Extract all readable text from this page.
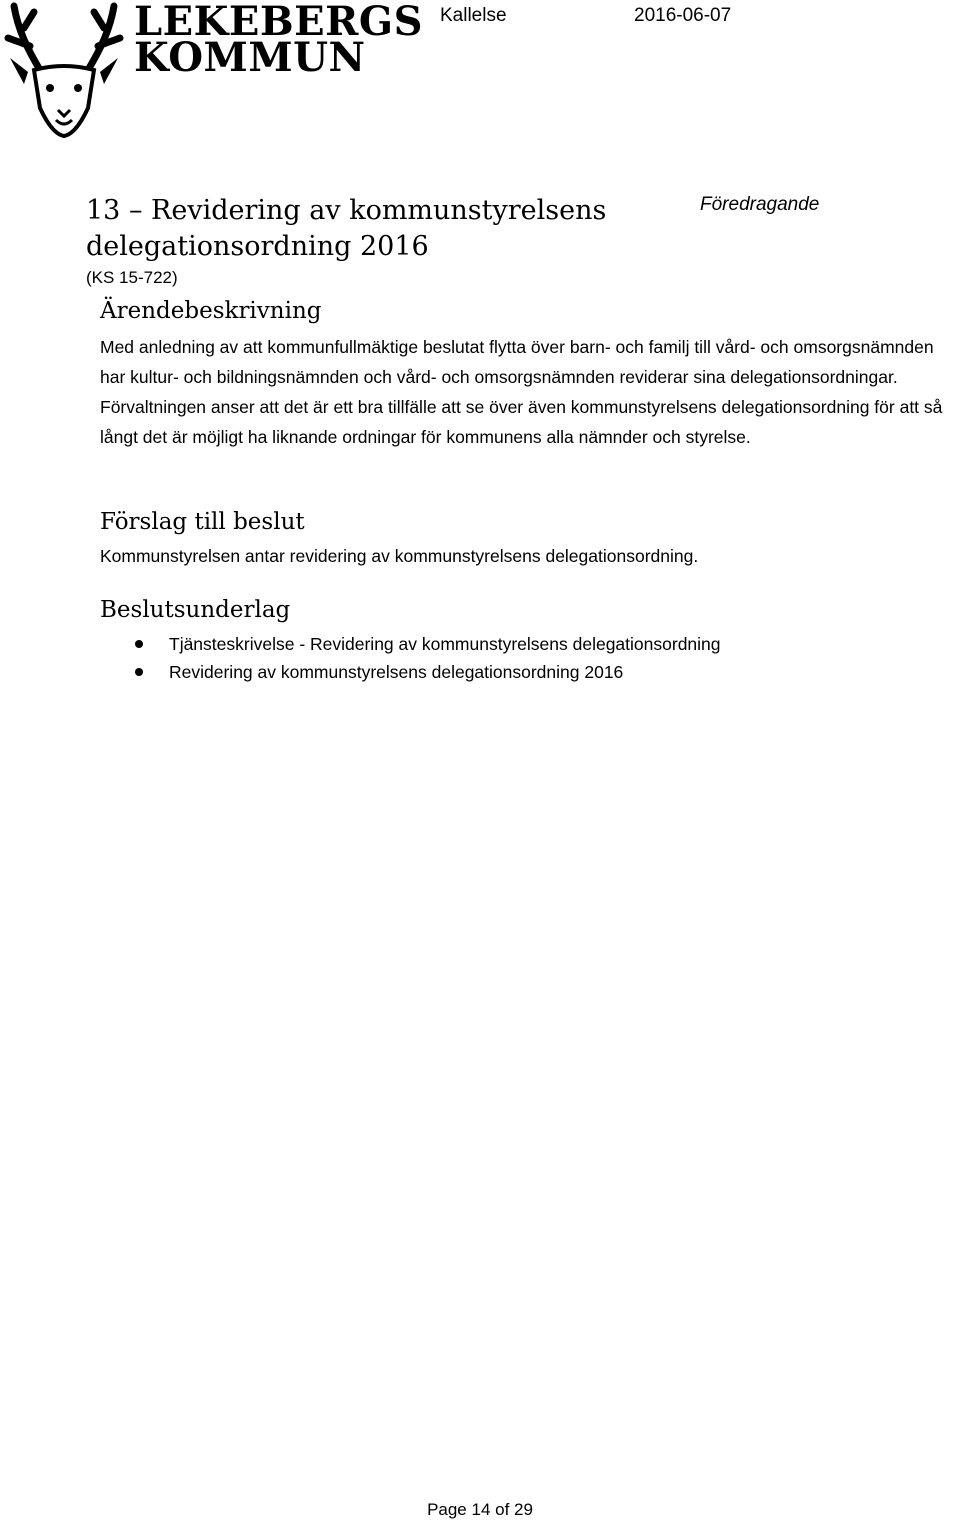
LEKEBERGS
KOMMUN
Kallelse	2016-06-07
13 – Revidering av kommunstyrelsens
delegationsordning 2016
(KS 15-722)
Föredragande
Ärendebeskrivning
Med anledning av att kommunfullmäktige beslutat flytta över barn- och familj till vård- och omsorgsnämnden har kultur- och bildningsnämnden och vård- och omsorgsnämnden reviderar sina delegationsordningar. Förvaltningen anser att det är ett bra tillfälle att se över även kommunstyrelsens delegationsordning för att så långt det är möjligt ha liknande ordningar för kommunens alla nämnder och styrelse.
Förslag till beslut
Kommunstyrelsen antar revidering av kommunstyrelsens delegationsordning.
Beslutsunderlag
Tjänsteskrivelse - Revidering av kommunstyrelsens delegationsordning
Revidering av kommunstyrelsens delegationsordning 2016
Page 14 of 29
